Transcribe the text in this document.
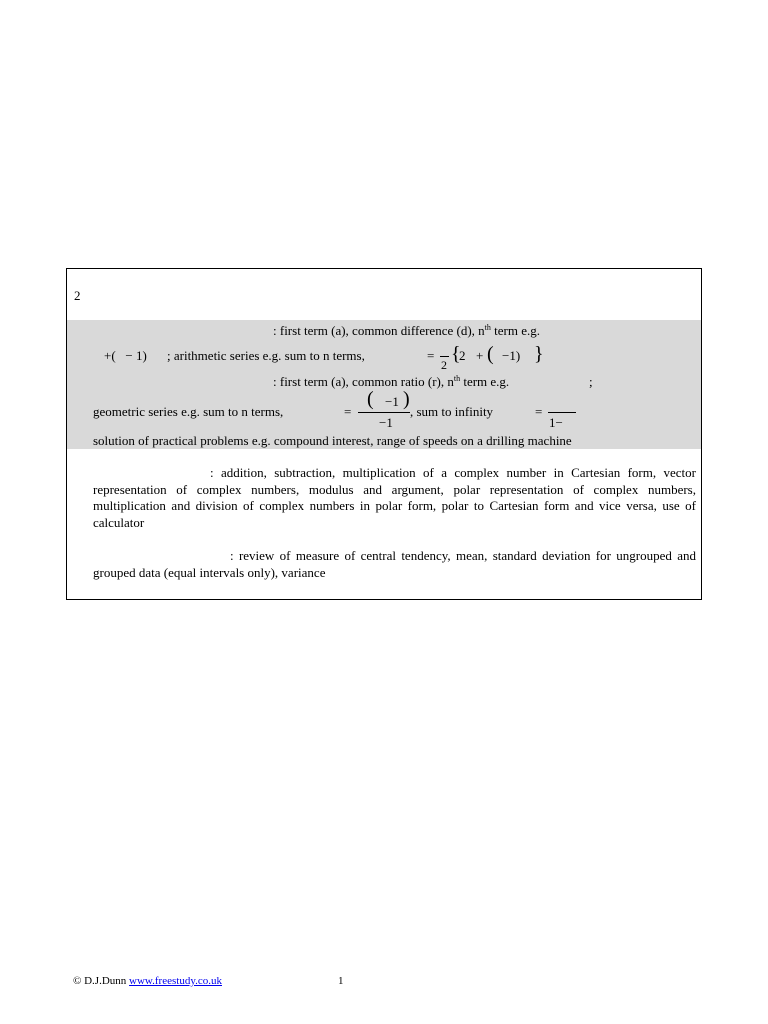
2
: first term (a), common difference (d), $n^{th}$ term e.g.
+( − 1) ; arithmetic series e.g. sum to n terms,	=
2 {
2 + ( −1) }
: first term (a), common ratio (r), $n^{th}$ term e.g.	;
geometric series e.g. sum to n terms,	=
( −1 )
−1
, sum to infinity	=
1−
solution of practical problems e.g. compound interest, range of speeds on a drilling machine
: addition, subtraction, multiplication of a complex number in Cartesian form, vector representation of complex numbers, modulus and argument, polar representation of complex numbers, multiplication and division of complex numbers in polar form, polar to Cartesian form and vice versa, use of calculator
: review of measure of central tendency, mean, standard deviation for ungrouped and grouped data (equal intervals only), variance
© D.J.Dunn www.freestudy.co.uk	1
